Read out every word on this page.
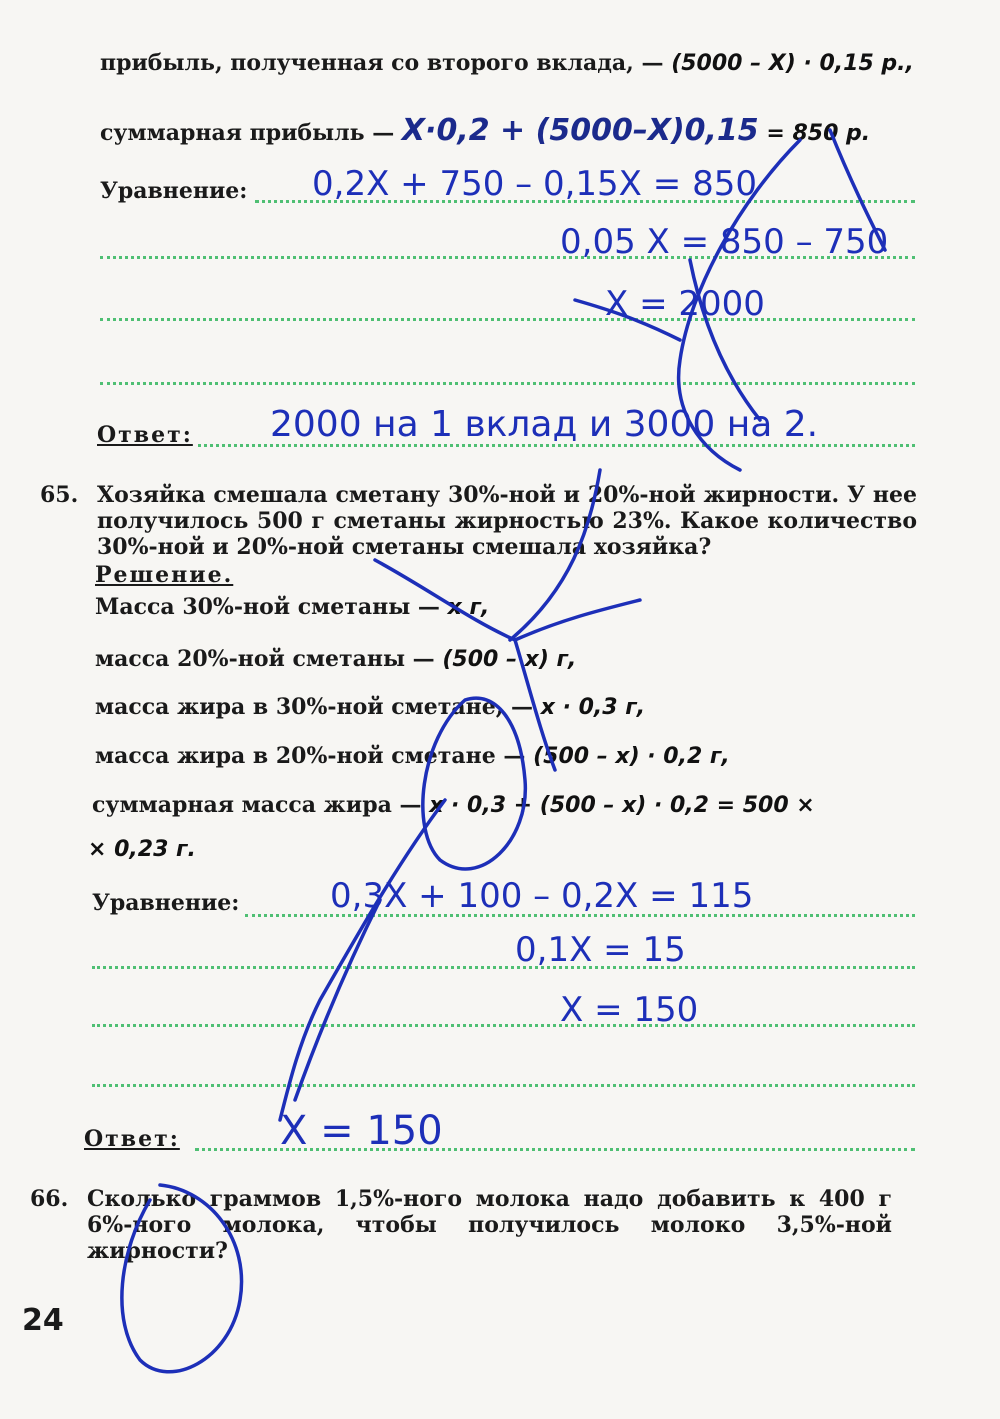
прибыль, полученная со второго вклада, — (5000 – X) · 0,15 р.,
суммарная прибыль — X·0,2 + (5000–X)0,15 = 850 р.
Уравнение: 0,2X + 750 – 0,15X = 850
0,05 X = 850 – 750
X = 2000
Ответ: 2000 на 1 вклад и 3000 на 2.
65. Хозяйка смешала сметану 30%-ной и 20%-ной жирности. У нее получилось 500 г сметаны жирностью 23%. Какое количество 30%-ной и 20%-ной сметаны смешала хозяйка?
Решение.
Масса 30%-ной сметаны — x г,
масса 20%-ной сметаны — (500 – x) г,
масса жира в 30%-ной сметане, — x · 0,3 г,
масса жира в 20%-ной сметане — (500 – x) · 0,2 г,
суммарная масса жира — x · 0,3 + (500 – x) · 0,2 = 500 ×
× 0,23 г.
Уравнение:	0,3X + 100 – 0,2X = 115
0,1X = 15
X = 150
Ответ:	X = 150
66. Сколько граммов 1,5%-ного молока надо добавить к 400 г 6%-ного молока, чтобы получилось молоко 3,5%-ной жирности?
24
